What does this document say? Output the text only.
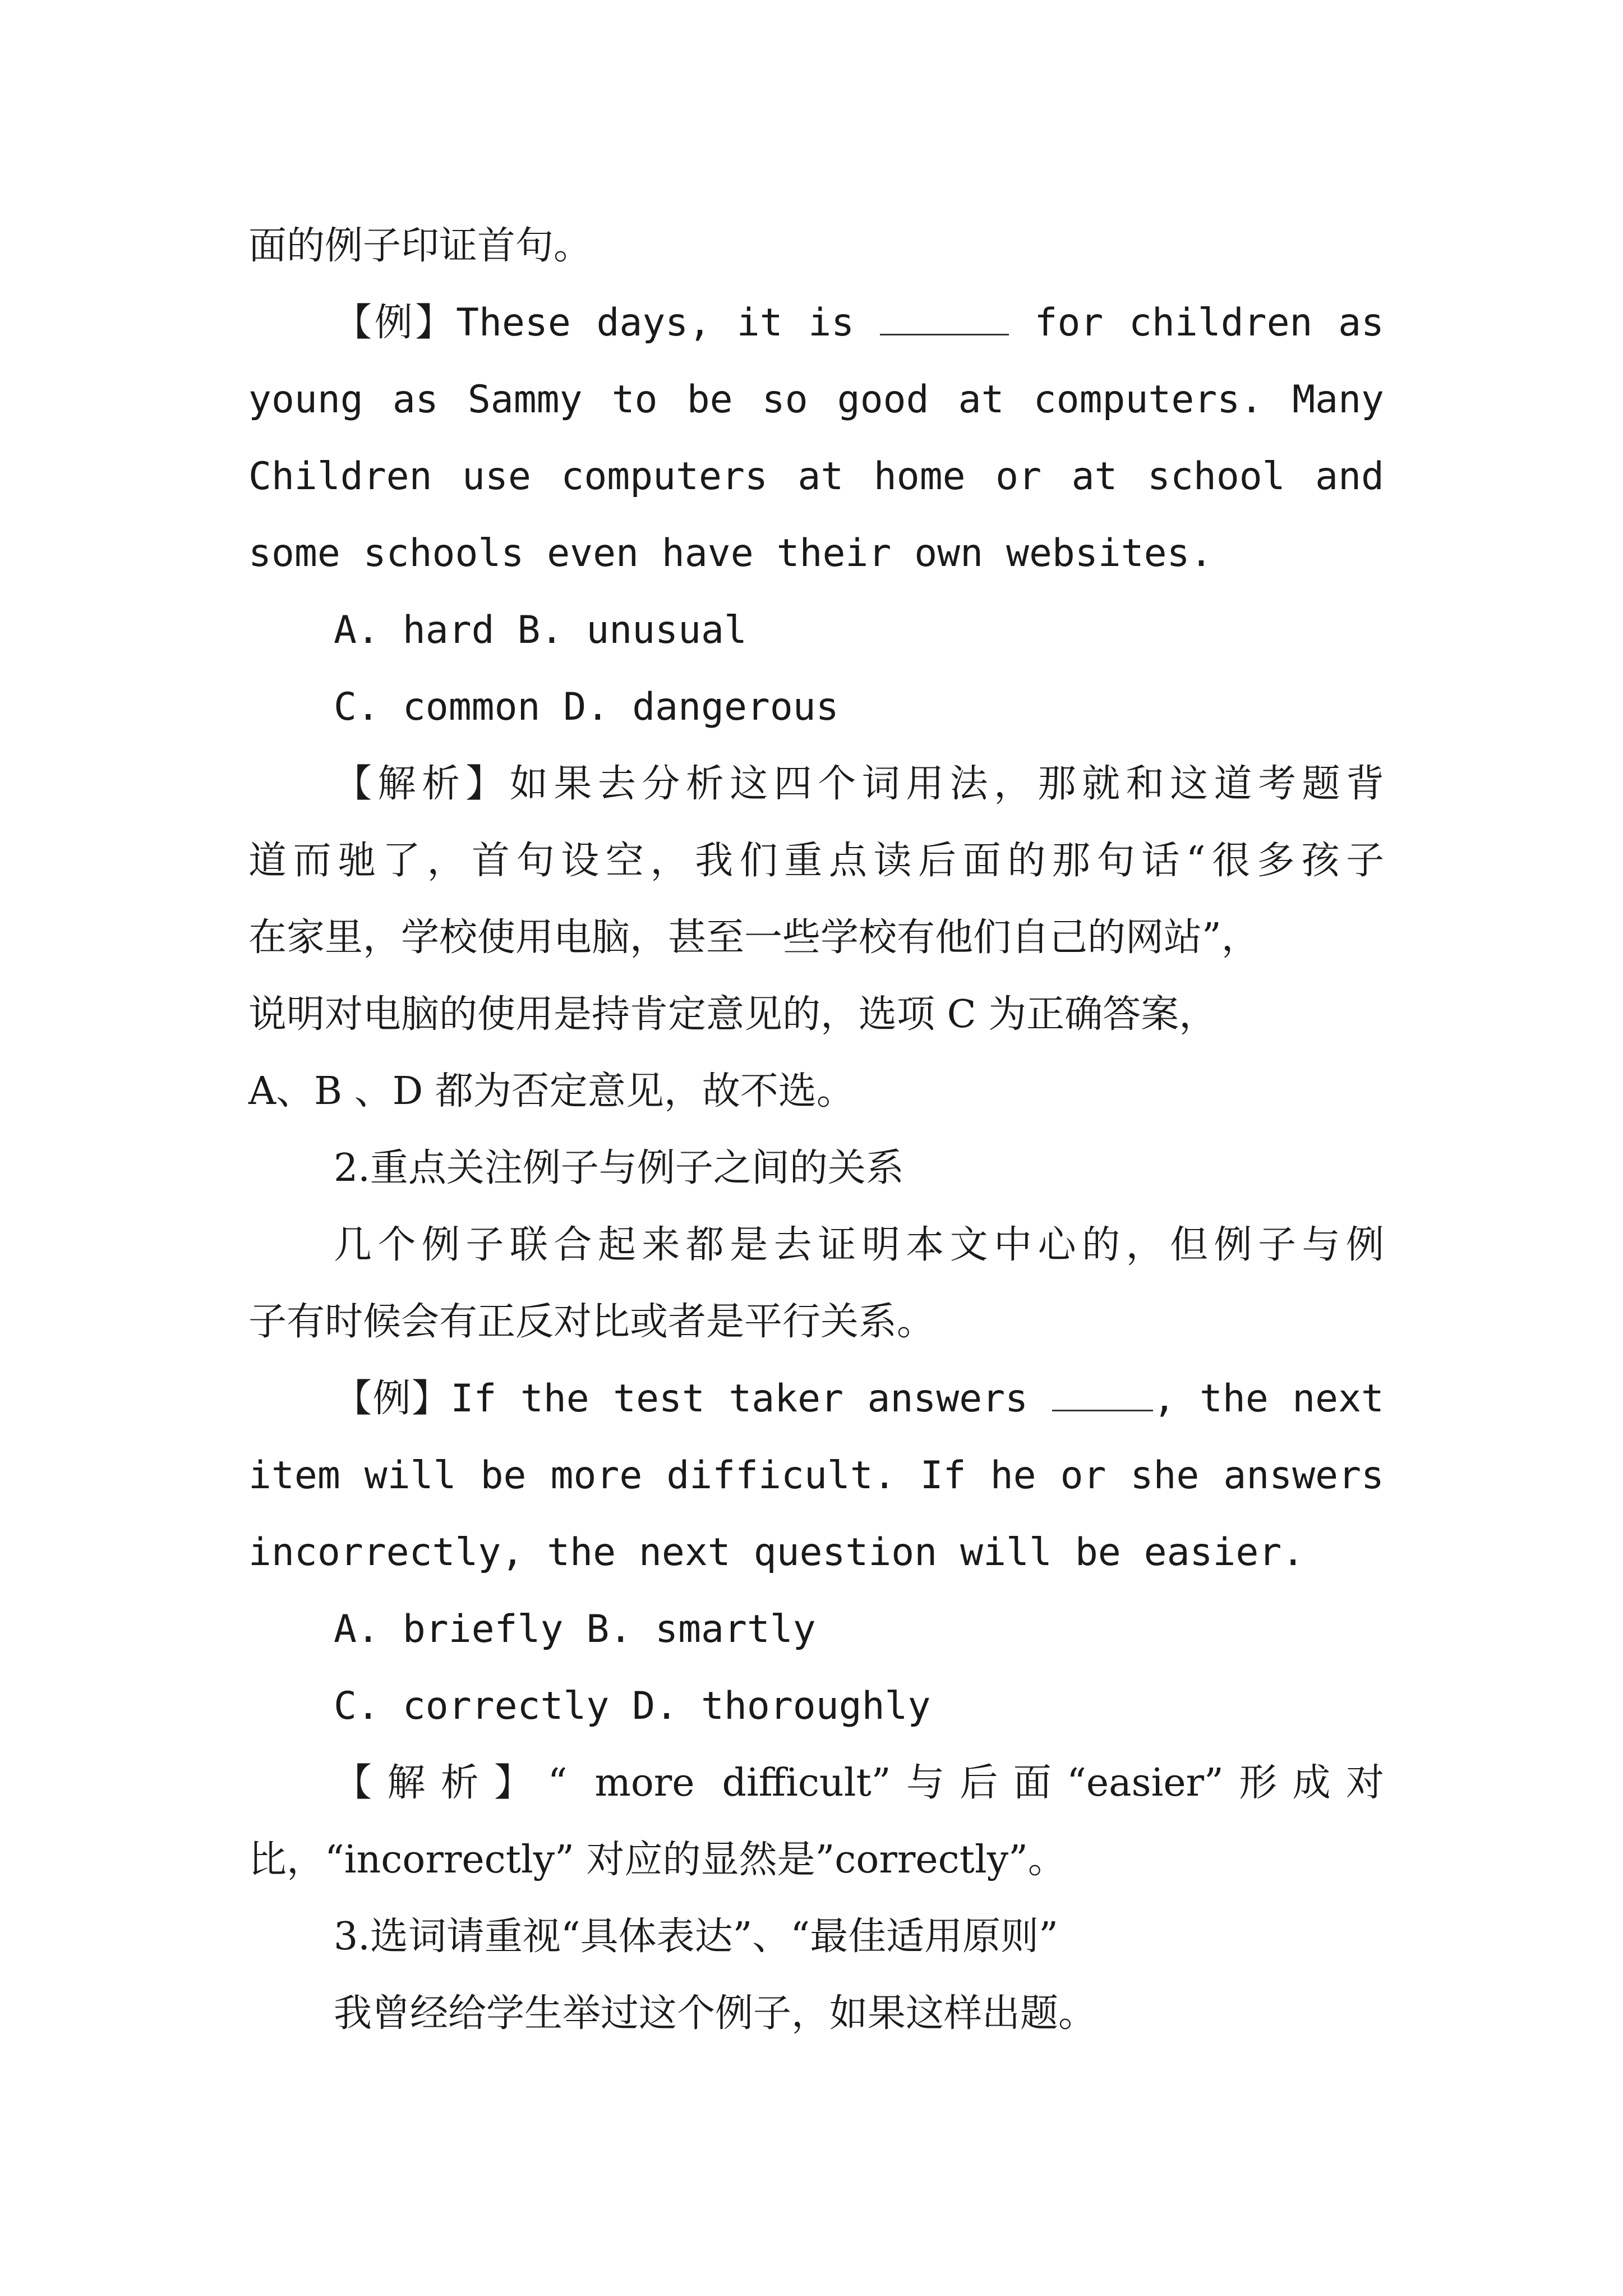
面的例子印证首句。
【例】These days, it is	for children as
young as Sammy to be so good at computers. Many
Children use computers at home or at school and
some schools even have their own websites.
A. hard B. unusual
C. common D. dangerous
【解析】如果去分析这四个词用法，那就和这道考题背
道而驰了，首句设空，我们重点读后面的那句话“很多孩子
在家里，学校使用电脑，甚至一些学校有他们自己的网站”，
说明对电脑的使用是持肯定意见的，选项 C 为正确答案，
A、B 、D 都为否定意见，故不选。
2.重点关注例子与例子之间的关系
几个例子联合起来都是去证明本文中心的，但例子与例
子有时候会有正反对比或者是平行关系。
【例】If the test taker answers	, the next
item will be more difficult. If he or she answers
incorrectly, the next question will be easier.
A. briefly B. smartly
C. correctly D. thoroughly
【解析】“ more difficult”与后面“easier”形成对
比，“incorrectly” 对应的显然是”correctly”。
3.选词请重视“具体表达”、“最佳适用原则”
我曾经给学生举过这个例子，如果这样出题。
